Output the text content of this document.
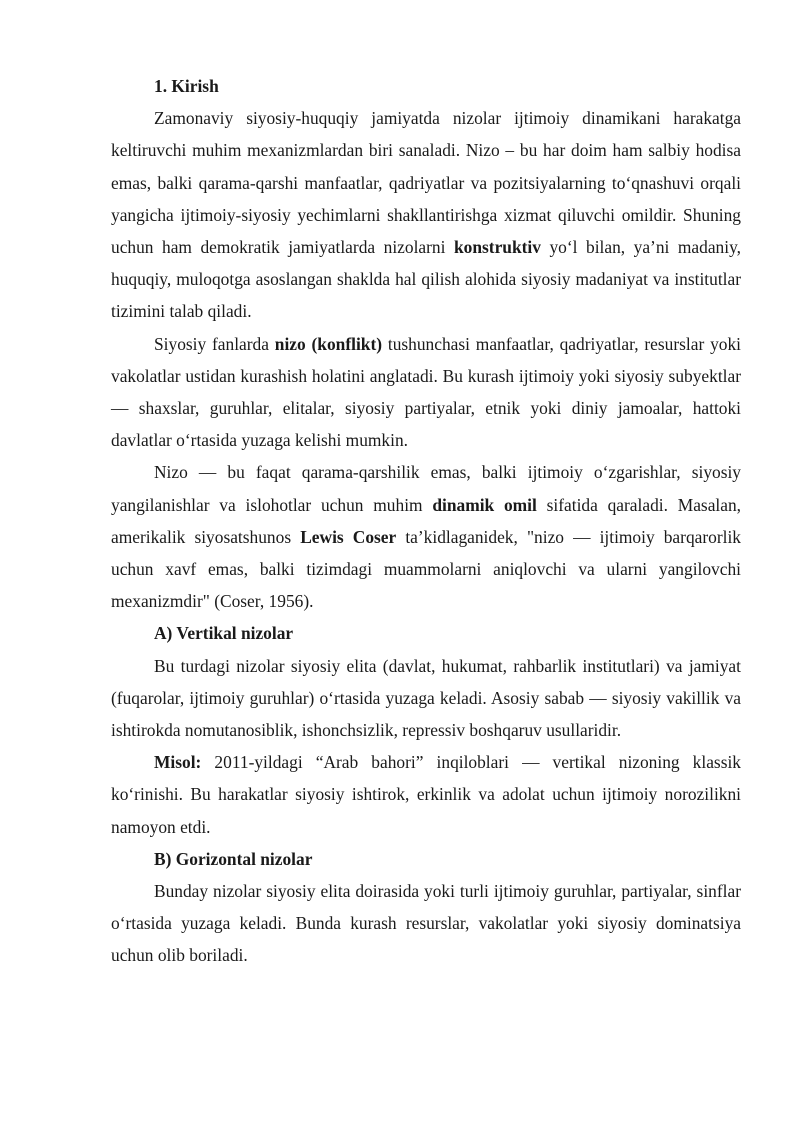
1. Kirish

Zamonaviy siyosiy-huquqiy jamiyatda nizolar ijtimoiy dinamikani harakatga keltiruvchi muhim mexanizmlardan biri sanaladi. Nizo – bu har doim ham salbiy hodisa emas, balki qarama-qarshi manfaatlar, qadriyatlar va pozitsiyalarning to‘qnashuvi orqali yangicha ijtimoiy-siyosiy yechimlarni shakllantirishga xizmat qiluvchi omildir. Shuning uchun ham demokratik jamiyatlarda nizolarni konstruktiv yo‘l bilan, ya’ni madaniy, huquqiy, muloqotga asoslangan shaklda hal qilish alohida siyosiy madaniyat va institutlar tizimini talab qiladi.

Siyosiy fanlarda nizo (konflikt) tushunchasi manfaatlar, qadriyatlar, resurslar yoki vakolatlar ustidan kurashish holatini anglatadi. Bu kurash ijtimoiy yoki siyosiy subyektlar — shaxslar, guruhlar, elitalar, siyosiy partiyalar, etnik yoki diniy jamoalar, hattoki davlatlar o‘rtasida yuzaga kelishi mumkin.

Nizo — bu faqat qarama-qarshilik emas, balki ijtimoiy o‘zgarishlar, siyosiy yangilanishlar va islohotlar uchun muhim dinamik omil sifatida qaraladi. Masalan, amerikalik siyosatshunos Lewis Coser ta’kidlaganidek, "nizo — ijtimoiy barqarorlik uchun xavf emas, balki tizimdagi muammolarni aniqlovchi va ularni yangilovchi mexanizmdir" (Coser, 1956).

A) Vertikal nizolar

Bu turdagi nizolar siyosiy elita (davlat, hukumat, rahbarlik institutlari) va jamiyat (fuqarolar, ijtimoiy guruhlar) o‘rtasida yuzaga keladi. Asosiy sabab — siyosiy vakillik va ishtirokda nomutanosiblik, ishonchsizlik, repressiv boshqaruv usullaridir.

Misol: 2011-yildagi “Arab bahori” inqiloblari — vertikal nizoning klassik ko‘rinishi. Bu harakatlar siyosiy ishtirok, erkinlik va adolat uchun ijtimoiy norozilikni namoyon etdi.

B) Gorizontal nizolar

Bunday nizolar siyosiy elita doirasida yoki turli ijtimoiy guruhlar, partiyalar, sinflar o‘rtasida yuzaga keladi. Bunda kurash resurslar, vakolatlar yoki siyosiy dominatsiya uchun olib boriladi.
